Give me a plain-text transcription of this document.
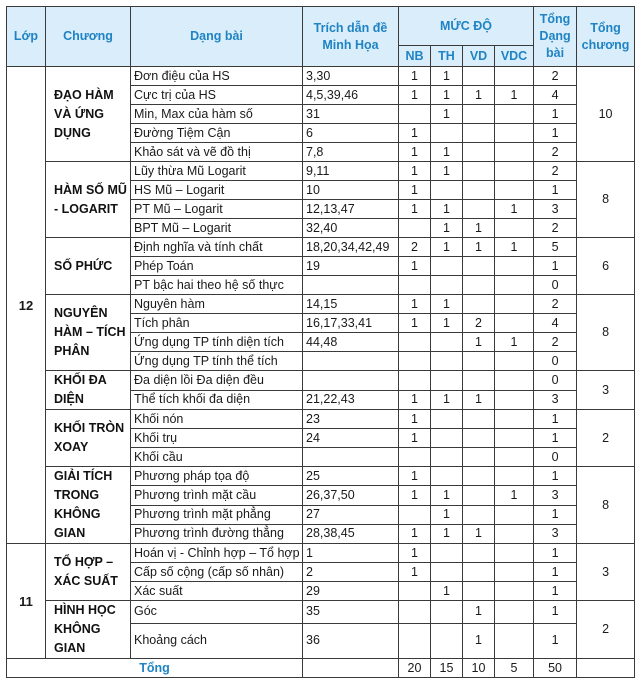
Lớp	Chương	Dạng bài	Trích dẫn đề Minh Họa	MỨC ĐỘ				Tổng Dạng bài	Tổng chương
				NB	TH	VD	VDC		
12	ĐẠO HÀM VÀ ỨNG DỤNG	Đơn điệu của HS	3,30	1	1			2	10
		Cực trị của HS	4,5,39,46	1	1	1	1	4	
		Min, Max của hàm số	31		1			1	
		Đường Tiệm Cận	6	1				1	
		Khảo sát và vẽ đồ thị	7,8	1	1			2	
	HÀM SỐ MŨ - LOGARIT	Lũy thừa Mũ Logarit	9,11	1	1			2	8
		HS Mũ – Logarit	10	1				1	
		PT Mũ – Logarit	12,13,47	1	1		1	3	
		BPT Mũ – Logarit	32,40		1	1		2	
	SỐ PHỨC	Định nghĩa và tính chất	18,20,34,42,49	2	1	1	1	5	6
		Phép Toán	19	1				1	
		PT bậc hai theo hệ số thực						0	
	NGUYÊN HÀM – TÍCH PHÂN	Nguyên hàm	14,15	1	1			2	8
		Tích phân	16,17,33,41	1	1	2		4	
		Ứng dụng TP tính diện tích	44,48			1	1	2	
		Ứng dụng TP tính thể tích						0	
	KHỐI ĐA DIỆN	Đa diện lồi Đa diện đều						0	3
		Thể tích khối đa diện	21,22,43	1	1	1		3	
	KHỐI TRÒN XOAY	Khối nón	23	1				1	2
		Khối trụ	24	1				1	
		Khối cầu						0	
	GIẢI TÍCH TRONG KHÔNG GIAN	Phương pháp tọa độ	25	1				1	8
		Phương trình mặt cầu	26,37,50	1	1		1	3	
		Phương trình mặt phẳng	27		1			1	
		Phương trình đường thẳng	28,38,45	1	1	1		3	
11	TỔ HỢP – XÁC SUẤT	Hoán vị - Chỉnh hợp – Tổ hợp	1	1				1	3
		Cấp số cộng (cấp số nhân)	2	1				1	
		Xác suất	29		1			1	
	HÌNH HỌC KHÔNG GIAN	Góc	35			1		1	2
		Khoảng cách	36			1		1	
Tổng				20	15	10	5	50	
